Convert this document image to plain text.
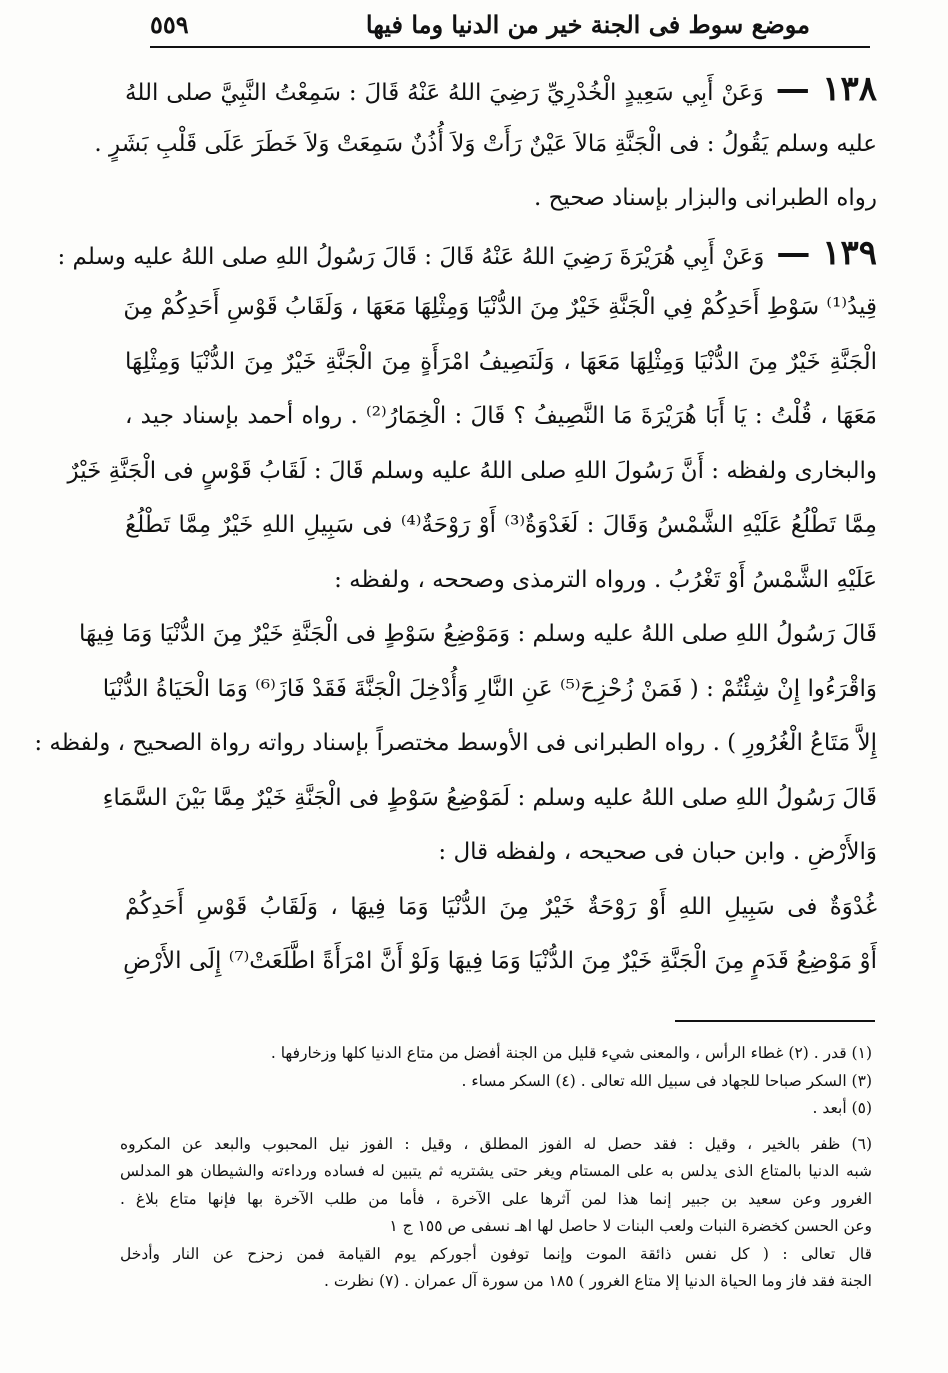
موضع سوط فى الجنة خير من الدنيا وما فيها
٥٥٩
١٣٨ —وَعَنْ أَبِي سَعِيدٍ الْخُدْرِيِّ رَضِيَ اللهُ عَنْهُ قَالَ : سَمِعْتُ النَّبِيَّ صلى اللهُ
عليه وسلم يَقُولُ : فى الْجَنَّةِ مَالاَ عَيْنٌ رَأَتْ وَلاَ أُذُنٌ سَمِعَتْ وَلاَ خَطَرَ عَلَى قَلْبِ بَشَرٍ .
رواه الطبرانى والبزار بإسناد صحيح .
١٣٩ —وَعَنْ أَبِي هُرَيْرَةَ رَضِيَ اللهُ عَنْهُ قَالَ : قَالَ رَسُولُ اللهِ صلى اللهُ عليه وسلم :
قِيدُ⁽¹⁾ سَوْطِ أَحَدِكُمْ فِي الْجَنَّةِ خَيْرٌ مِنَ الدُّنْيَا وَمِثْلِهَا مَعَهَا ، وَلَقَابُ قَوْسِ أَحَدِكُمْ مِنَ
الْجَنَّةِ خَيْرٌ مِنَ الدُّنْيَا وَمِثْلِهَا مَعَهَا ، وَلَنَصِيفُ امْرَأَةٍ مِنَ الْجَنَّةِ خَيْرٌ مِنَ الدُّنْيَا وَمِثْلِهَا
مَعَهَا ، قُلْتُ : يَا أَبَا هُرَيْرَةَ مَا النَّصِيفُ ؟ قَالَ : الْخِمَارُ⁽²⁾ . رواه أحمد بإسناد جيد ،
والبخارى ولفظه : أَنَّ رَسُولَ اللهِ صلى اللهُ عليه وسلم قَالَ : لَقَابُ قَوْسٍ فى الْجَنَّةِ خَيْرٌ
مِمَّا تَطْلُعُ عَلَيْهِ الشَّمْسُ وَقَالَ : لَغَدْوَةٌ⁽³⁾ أَوْ رَوْحَةٌ⁽⁴⁾ فى سَبِيلِ اللهِ خَيْرٌ مِمَّا تَطْلُعُ
عَلَيْهِ الشَّمْسُ أَوْ تَغْرُبُ . ورواه الترمذى وصححه ، ولفظه :
قَالَ رَسُولُ اللهِ صلى اللهُ عليه وسلم : وَمَوْضِعُ سَوْطٍ فى الْجَنَّةِ خَيْرٌ مِنَ الدُّنْيَا وَمَا فِيهَا
وَاقْرَءُوا إِنْ شِئْتُمْ : ( فَمَنْ زُحْزِحَ⁽⁵⁾ عَنِ النَّارِ وَأُدْخِلَ الْجَنَّةَ فَقَدْ فَازَ⁽⁶⁾ وَمَا الْحَيَاةُ الدُّنْيَا
إِلاَّ مَتَاعُ الْغُرُورِ ) . رواه الطبرانى فى الأوسط مختصراً بإسناد رواته رواة الصحيح ، ولفظه :
قَالَ رَسُولُ اللهِ صلى اللهُ عليه وسلم : لَمَوْضِعُ سَوْطٍ فى الْجَنَّةِ خَيْرٌ مِمَّا بَيْنَ السَّمَاءِ
وَالأَرْضِ . وابن حبان فى صحيحه ، ولفظه قال :
غُدْوَةٌ فى سَبِيلِ اللهِ أَوْ رَوْحَةٌ خَيْرٌ مِنَ الدُّنْيَا وَمَا فِيهَا ، وَلَقَابُ قَوْسِ أَحَدِكُمْ
أَوْ مَوْضِعُ قَدَمٍ مِنَ الْجَنَّةِ خَيْرٌ مِنَ الدُّنْيَا وَمَا فِيهَا وَلَوْ أَنَّ امْرَأَةً اطَّلَعَتْ⁽⁷⁾ إِلَى الأَرْضِ
(١) قدر . (٢) غطاء الرأس ، والمعنى شيء قليل من الجنة أفضل من متاع الدنيا كلها وزخارفها .
(٣) السكر صباحا للجهاد فى سبيل الله تعالى . (٤) السكر مساء .
(٥) أبعد .
(٦) ظفر بالخير ، وقيل : فقد حصل له الفوز المطلق ، وقيل : الفوز نيل المحبوب والبعد عن المكروه
شبه الدنيا بالمتاع الذى يدلس به على المستام ويغر حتى يشتريه ثم يتبين له فساده ورداءته والشيطان هو المدلس
الغرور وعن سعيد بن جبير إنما هذا لمن آثرها على الآخرة ، فأما من طلب الآخرة بها فإنها متاع بلاغ .
وعن الحسن كخضرة النبات ولعب البنات لا حاصل لها اهـ نسفى ص ١٥٥ ج ١
قال تعالى : ( كل نفس ذائقة الموت وإنما توفون أجوركم يوم القيامة فمن زحزح عن النار وأدخل
الجنة فقد فاز وما الحياة الدنيا إلا متاع الغرور ) ١٨٥ من سورة آل عمران . (٧) نظرت .
